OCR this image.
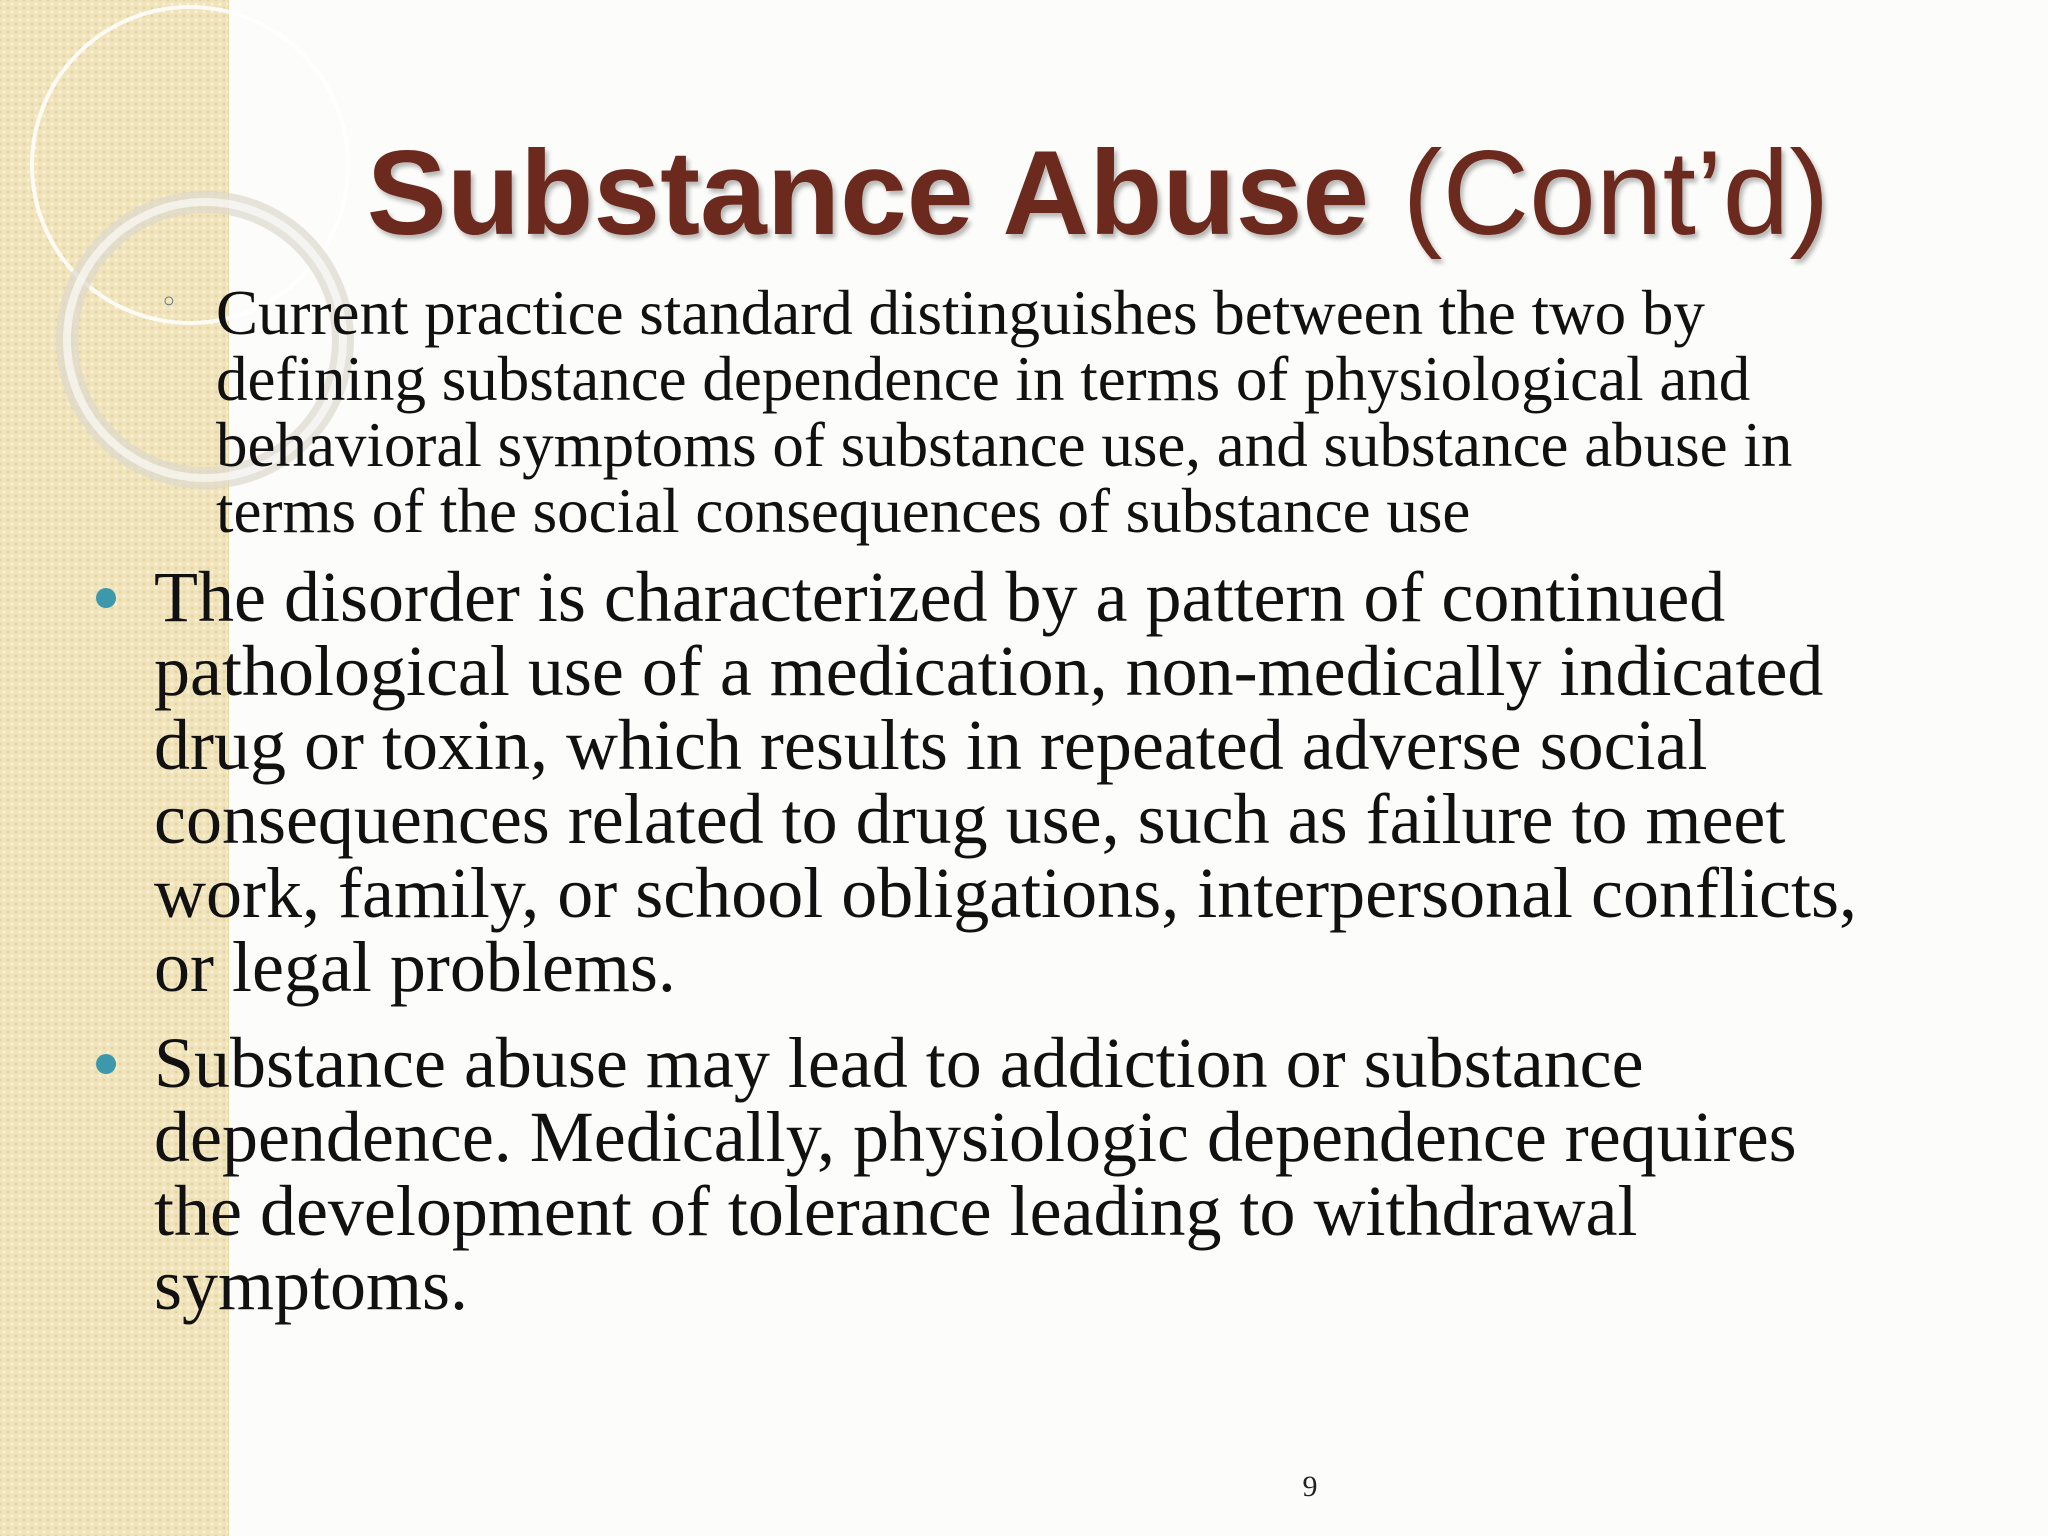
Substance Abuse (Cont’d)
◦ Current practice standard distinguishes between the two by
defining substance dependence in terms of physiological and
behavioral symptoms of substance use, and substance abuse in
terms of the social consequences of substance use

The disorder is characterized by a pattern of continued
pathological use of a medication, non-medically indicated
drug or toxin, which results in repeated adverse social
consequences related to drug use, such as failure to meet
work, family, or school obligations, interpersonal conflicts,
or legal problems.

Substance abuse may lead to addiction or substance
dependence. Medically, physiologic dependence requires
the development of tolerance leading to withdrawal
symptoms.

9
